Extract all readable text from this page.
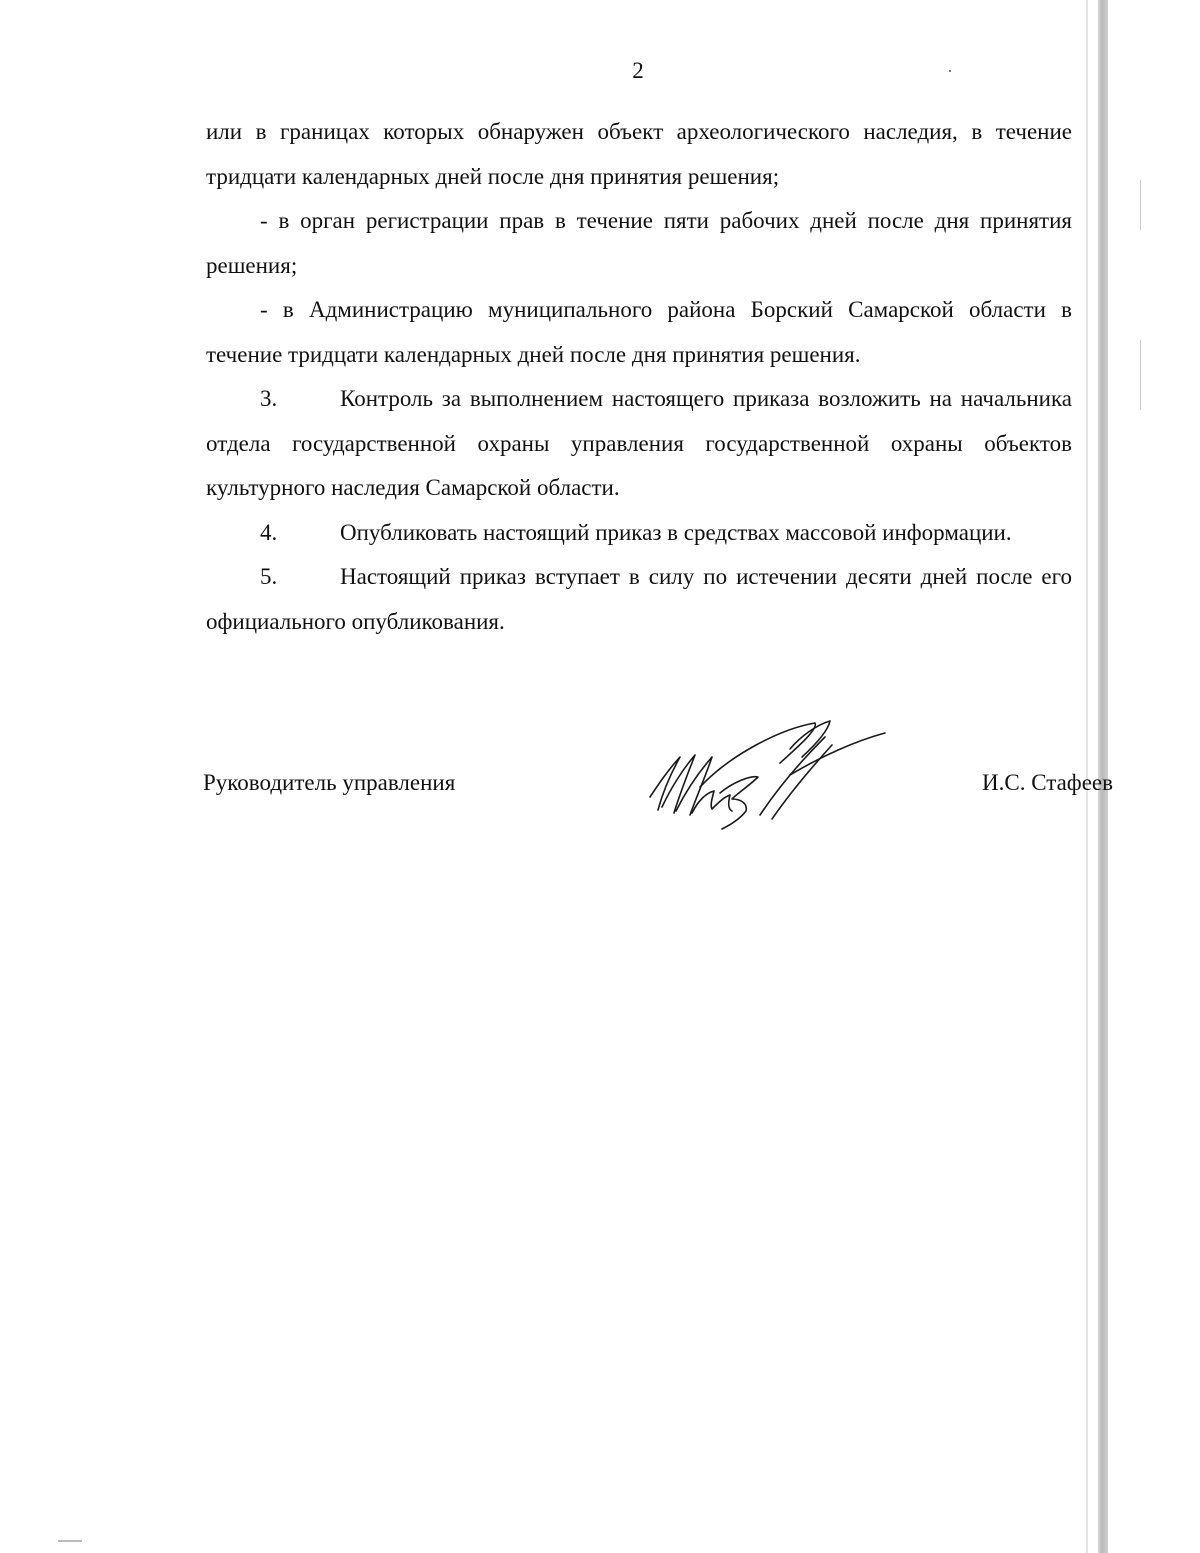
2

или в границах которых обнаружен объект археологического наследия, в течение тридцати календарных дней после дня принятия решения;

- в орган регистрации прав в течение пяти рабочих дней после дня принятия решения;

- в Администрацию муниципального района Борский Самарской области в течение тридцати календарных дней после дня принятия решения.

3.	Контроль за выполнением настоящего приказа возложить на начальника отдела государственной охраны управления государственной охраны объектов культурного наследия Самарской области.

4.	Опубликовать настоящий приказ в средствах массовой информации.

5.	Настоящий приказ вступает в силу по истечении десяти дней после его официального опубликования.

Руководитель управления	И.С. Стафеев
